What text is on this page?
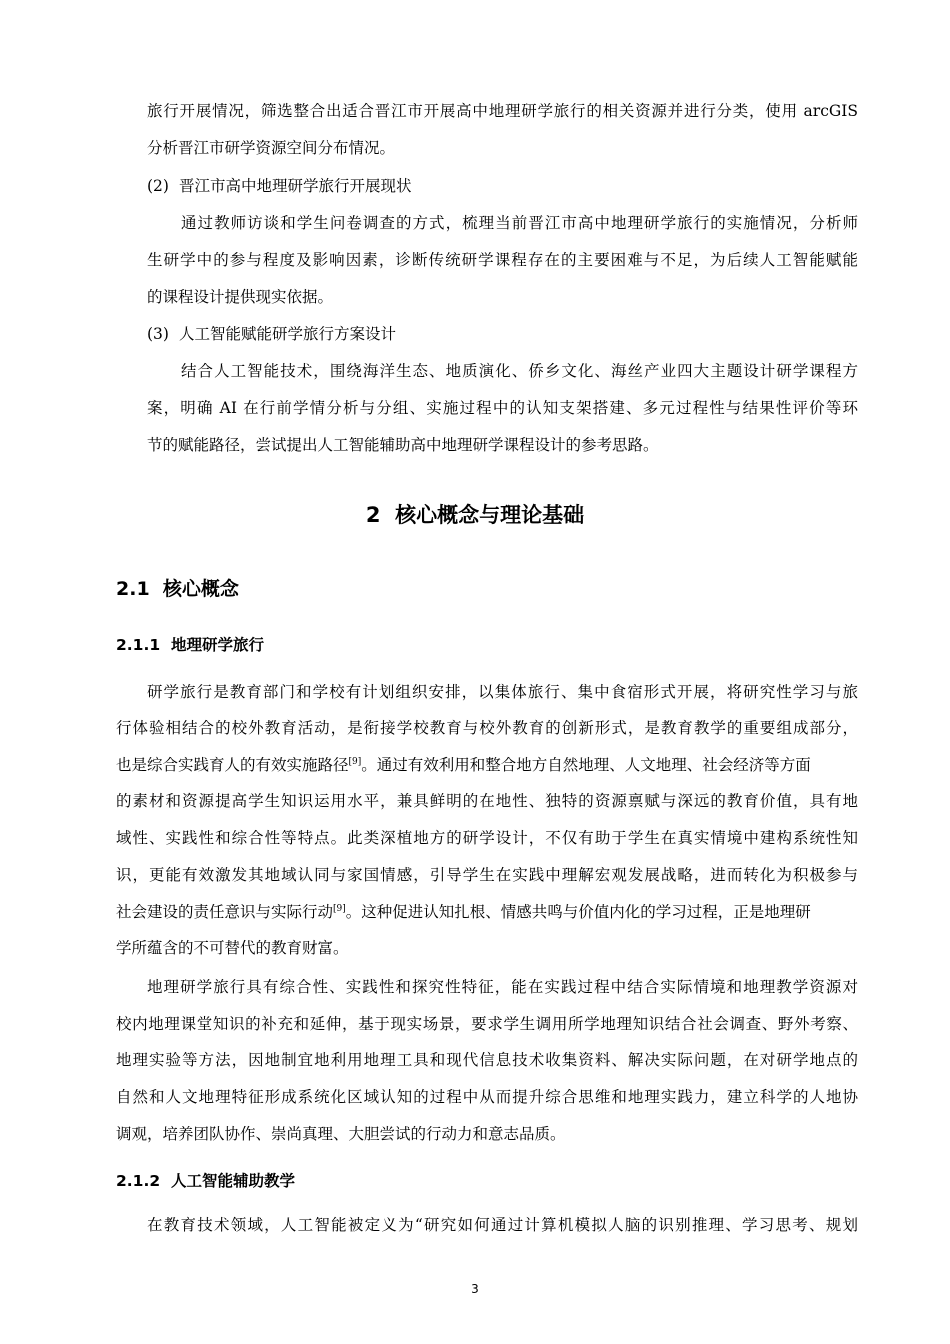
旅行开展情况，筛选整合出适合晋江市开展高中地理研学旅行的相关资源并进行分类，使用 arcGIS
分析晋江市研学资源空间分布情况。
(2) 晋江市高中地理研学旅行开展现状
通过教师访谈和学生问卷调查的方式，梳理当前晋江市高中地理研学旅行的实施情况，分析师
生研学中的参与程度及影响因素，诊断传统研学课程存在的主要困难与不足，为后续人工智能赋能
的课程设计提供现实依据。
(3) 人工智能赋能研学旅行方案设计
结合人工智能技术，围绕海洋生态、地质演化、侨乡文化、海丝产业四大主题设计研学课程方
案，明确 AI 在行前学情分析与分组、实施过程中的认知支架搭建、多元过程性与结果性评价等环
节的赋能路径，尝试提出人工智能辅助高中地理研学课程设计的参考思路。
2 核心概念与理论基础
2.1 核心概念
2.1.1 地理研学旅行
研学旅行是教育部门和学校有计划组织安排，以集体旅行、集中食宿形式开展，将研究性学习与旅
行体验相结合的校外教育活动，是衔接学校教育与校外教育的创新形式，是教育教学的重要组成部分，
也是综合实践育人的有效实施路径[9]。通过有效利用和整合地方自然地理、人文地理、社会经济等方面
的素材和资源提高学生知识运用水平，兼具鲜明的在地性、独特的资源禀赋与深远的教育价值，具有地
域性、实践性和综合性等特点。此类深植地方的研学设计，不仅有助于学生在真实情境中建构系统性知
识，更能有效激发其地域认同与家国情感，引导学生在实践中理解宏观发展战略，进而转化为积极参与
社会建设的责任意识与实际行动[9]。这种促进认知扎根、情感共鸣与价值内化的学习过程，正是地理研
学所蕴含的不可替代的教育财富。
地理研学旅行具有综合性、实践性和探究性特征，能在实践过程中结合实际情境和地理教学资源对
校内地理课堂知识的补充和延伸，基于现实场景，要求学生调用所学地理知识结合社会调查、野外考察、
地理实验等方法，因地制宜地利用地理工具和现代信息技术收集资料、解决实际问题，在对研学地点的
自然和人文地理特征形成系统化区域认知的过程中从而提升综合思维和地理实践力，建立科学的人地协
调观，培养团队协作、崇尚真理、大胆尝试的行动力和意志品质。
2.1.2 人工智能辅助教学
在教育技术领域，人工智能被定义为“研究如何通过计算机模拟人脑的识别推理、学习思考、规划
3
